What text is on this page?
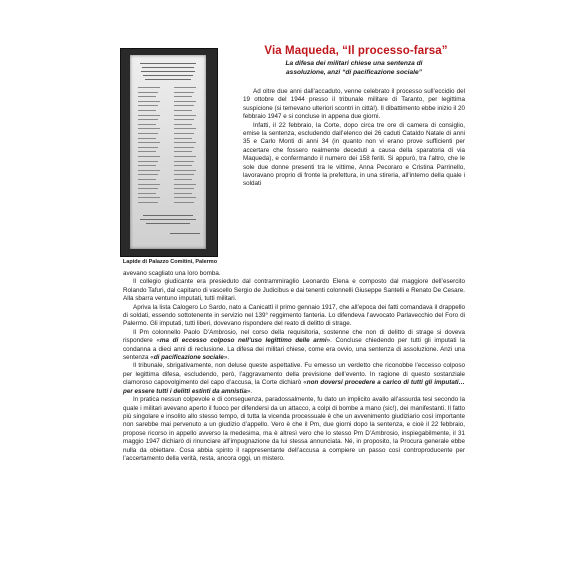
Lapide di Palazzo Comitini, Palermo
Via Maqueda, “Il processo-farsa”
La difesa dei militari chiese una sentenza di
assoluzione, anzi “di pacificazione sociale”

Ad oltre due anni dall’accaduto, venne celebrato il processo sull’eccidio del 19 ottobre del 1944 presso il tribunale militare di Taranto, per legittima suspicione (si temevano ulteriori scontri in città!). Il dibattimento ebbe inizio il 20 febbraio 1947 e si concluse in appena due giorni.

Infatti, il 22 febbraio, la Corte, dopo circa tre ore di camera di consiglio, emise la sentenza, escludendo dall’elenco dei 26 caduti Cataldo Natale di anni 35 e Carlo Monti di anni 34 (in quanto non vi erano prove sufficienti per accertare che fossero realmente deceduti a causa della sparatoria di via Maqueda), e confermando il numero dei 158 feriti. Si appurò, tra l’altro, che le sole due donne presenti tra le vittime, Anna Pecoraro e Cristina Parrinello, lavoravano proprio di fronte la prefettura, in una stireria, all’interno della quale i soldati

avevano scagliato una loro bomba.

Il collegio giudicante era presieduto dal contrammiraglio Leonardo Elena e composto dal maggiore dell’esercito Rolando Tafuri, dal capitano di vascello Sergio de Judicibus e dai tenenti colonnelli Giuseppe Santelli e Renato De Cesare. Alla sbarra ventuno imputati, tutti militari.

Apriva la lista Calogero Lo Sardo, nato a Canicattì il primo gennaio 1917, che all’epoca dei fatti comandava il drappello di soldati, essendo sottotenente in servizio nel 139° reggimento fanteria. Lo difendeva l’avvocato Parlavecchio del Foro di Palermo. Gli imputati, tutti liberi, dovevano rispondere del reato di delitto di strage.

Il Pm colonnello Paolo D’Ambrosio, nel corso della requisitoria, sostenne che non di delitto di strage si doveva rispondere «ma di eccesso colposo nell’uso legittimo delle armi». Concluse chiedendo per tutti gli imputati la condanna a dieci anni di reclusione. La difesa dei militari chiese, come era ovvio, una sentenza di assoluzione. Anzi una sentenza «di pacificazione sociale».

Il tribunale, sbrigativamente, non deluse queste aspettative. Fu emesso un verdetto che riconobbe l’eccesso colposo per legittima difesa, escludendo, però, l’aggravamento della previsione dell’evento. In ragione di questo sostanziale clamoroso capovolgimento del capo d’accusa, la Corte dichiarò «non doversi procedere a carico di tutti gli imputati… per essere tutti i delitti estinti da amnistia».

In pratica nessun colpevole e di conseguenza, paradossalmente, fu dato un implicito avallo all’assurda tesi secondo la quale i militari avevano aperto il fuoco per difendersi da un attacco, a colpi di bombe a mano (sic!), dei manifestanti. Il fatto più singolare e insolito allo stesso tempo, di tutta la vicenda processuale è che un avvenimento giudiziario così importante non sarebbe mai pervenuto a un giudizio d’appello. Vero è che il Pm, due giorni dopo la sentenza, e cioè il 22 febbraio, propose ricorso in appello avverso la medesima, ma è altresì vero che lo stesso Pm D’Ambrosio, inspiegabilmente, il 31 maggio 1947 dichiarò di rinunciare all’impugnazione da lui stessa annunciata. Né, in proposito, la Procura generale ebbe nulla da obiettare. Cosa abbia spinto il rappresentante dell’accusa a compiere un passo così controproducente per l’accertamento della verità, resta, ancora oggi, un mistero.
